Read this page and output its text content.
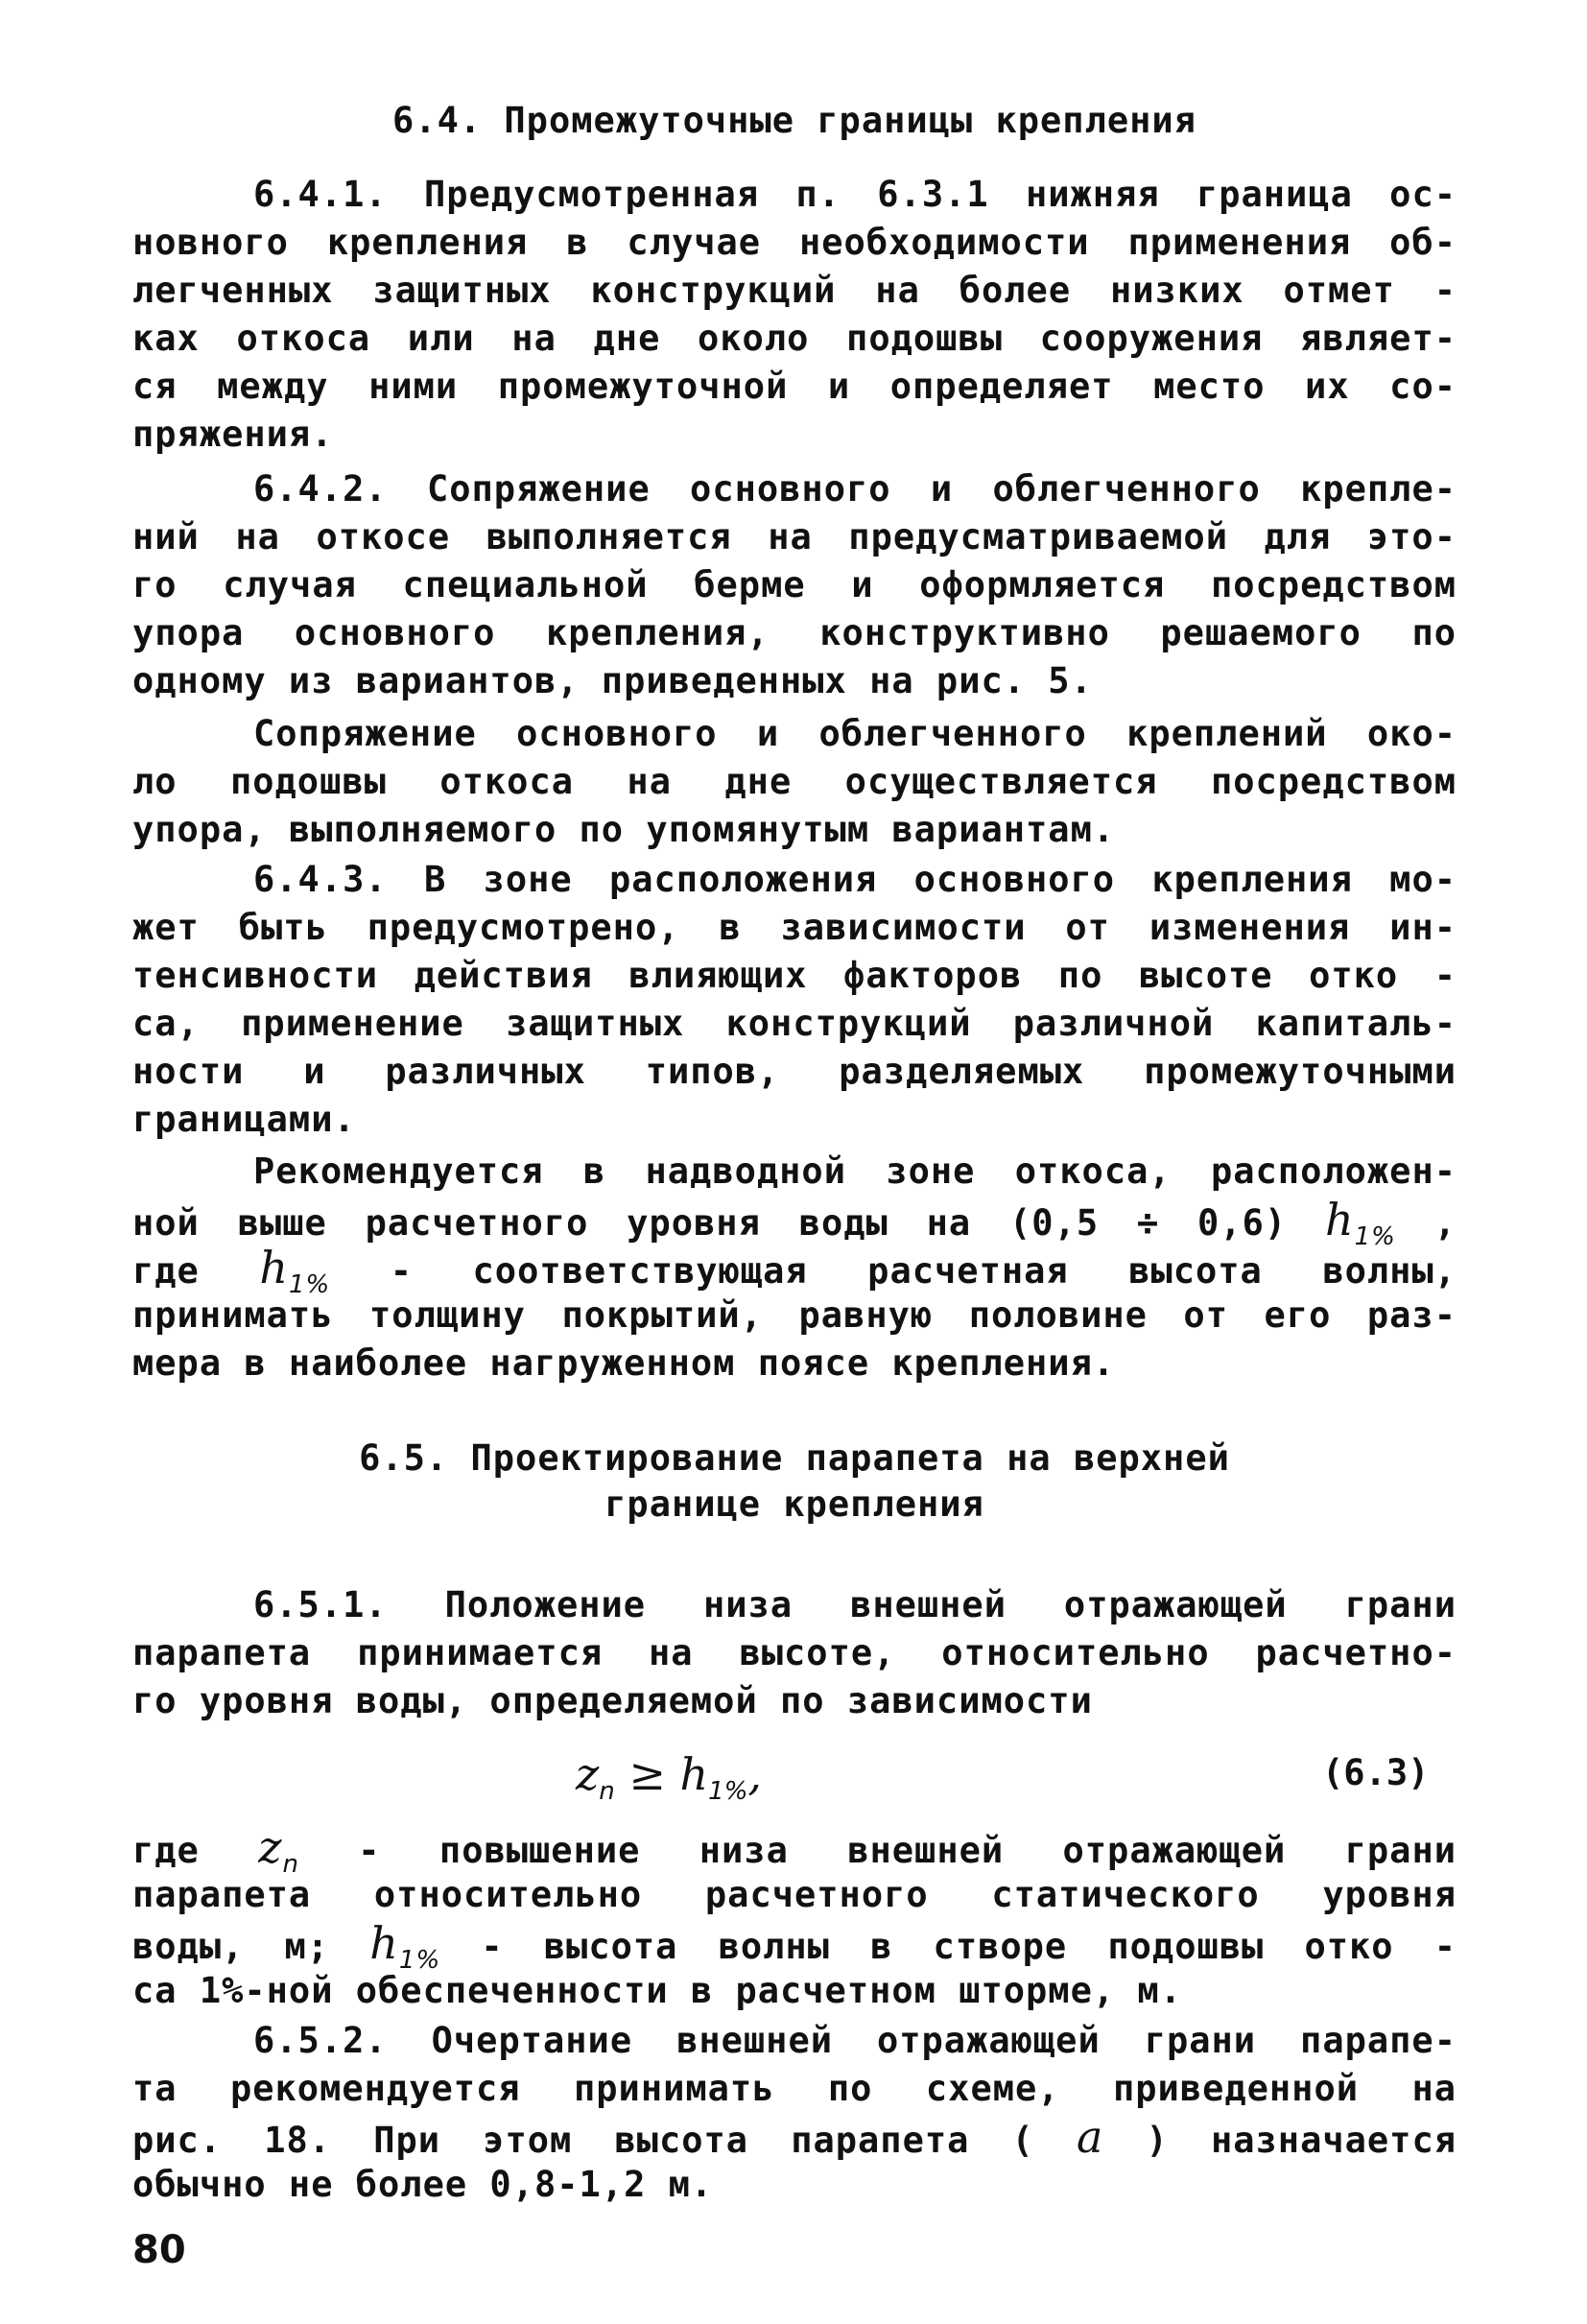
6.4. Промежуточные границы крепления
6.4.1. Предусмотренная п. 6.3.1 нижняя граница ос-
новного крепления в случае необходимости применения об-
легченных защитных конструкций на более низких отмет -
ках откоса или на дне около подошвы сооружения являет-
ся между ними промежуточной и определяет место их со-
пряжения.
6.4.2. Сопряжение основного и облегченного крепле-
ний на откосе выполняется на предусматриваемой для это-
го случая специальной берме и оформляется посредством
упора основного крепления, конструктивно решаемого по
одному из вариантов, приведенных на рис. 5.
Сопряжение основного и облегченного креплений око-
ло подошвы откоса на дне осуществляется посредством
упора, выполняемого по упомянутым вариантам.
6.4.3. В зоне расположения основного крепления мо-
жет быть предусмотрено, в зависимости от изменения ин-
тенсивности действия влияющих факторов по высоте отко -
са, применение защитных конструкций различной капиталь-
ности и различных типов, разделяемых промежуточными
границами.
Рекомендуется в надводной зоне откоса, расположен-
ной выше расчетного уровня воды на (0,5 ÷ 0,6) $h_{1\%}$ ,
где $h_{1\%}$ - соответствующая расчетная высота волны,
принимать толщину покрытий, равную половине от его раз-
мера в наиболее нагруженном поясе крепления.
6.5. Проектирование парапета на верхней
границе крепления
6.5.1. Положение низа внешней отражающей грани
парапета принимается на высоте, относительно расчетно-
го уровня воды, определяемой по зависимости
$z_n \ge h_{1\%}$,	(6.3)
где $z_n$ - повышение низа внешней отражающей грани
парапета относительно расчетного статического уровня
воды, м; $h_{1\%}$ - высота волны в створе подошвы отко -
са 1%-ной обеспеченности в расчетном шторме, м.
6.5.2. Очертание внешней отражающей грани парапе-
та рекомендуется принимать по схеме, приведенной на
рис. 18. При этом высота парапета ( a ) назначается
обычно не более 0,8-1,2 м.
80
